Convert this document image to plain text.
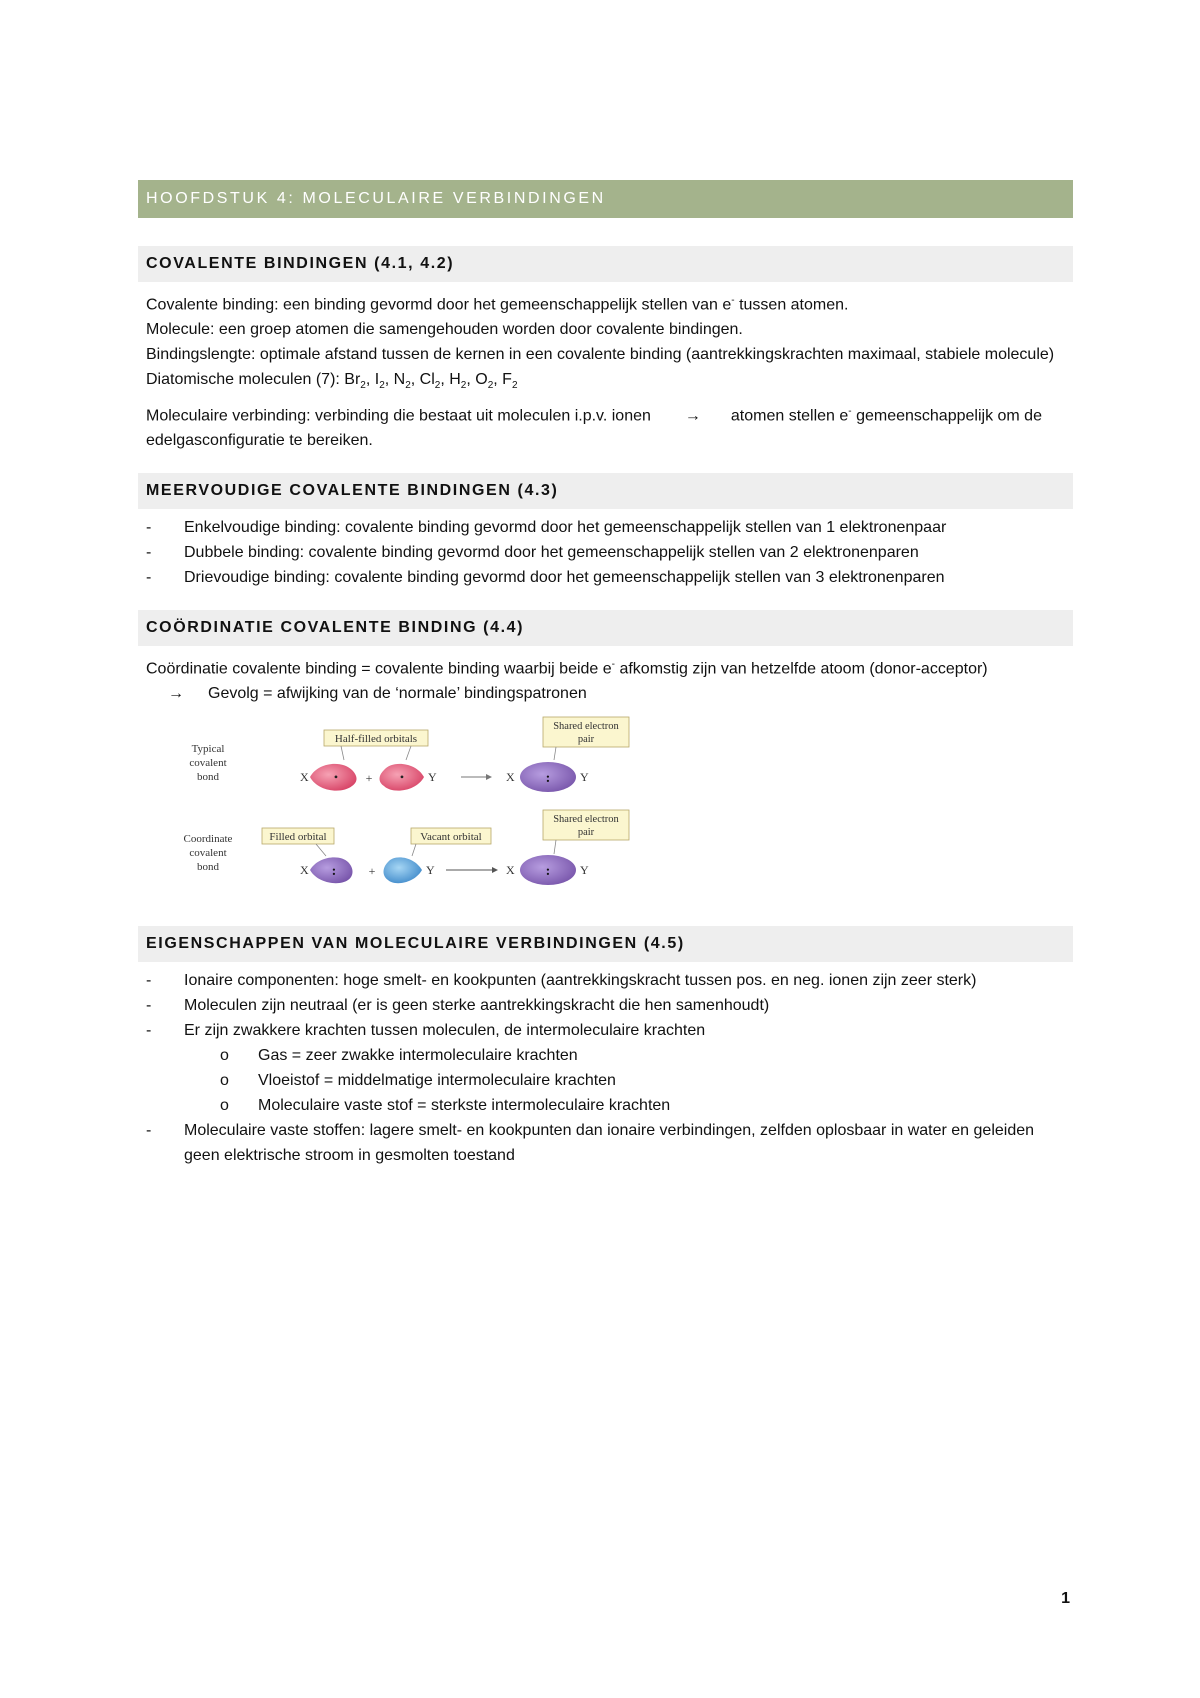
HOOFDSTUK 4: MOLECULAIRE VERBINDINGEN
COVALENTE BINDINGEN (4.1, 4.2)

Covalente binding: een binding gevormd door het gemeenschappelijk stellen van e- tussen atomen.

Molecule: een groep atomen die samengehouden worden door covalente bindingen.

Bindingslengte: optimale afstand tussen de kernen in een covalente binding (aantrekkingskrachten maximaal, stabiele molecule)

Diatomische moleculen (7): $Br_2$, $I_2$, $N_2$, $Cl_2$, $H_2$, $O_2$, $F_2$

Moleculaire verbinding: verbinding die bestaat uit moleculen i.p.v. ionen → atomen stellen e- gemeenschappelijk om de edelgasconfiguratie te bereiken.

MEERVOUDIGE COVALENTE BINDINGEN (4.3)
- Enkelvoudige binding: covalente binding gevormd door het gemeenschappelijk stellen van 1 elektronenpaar
- Dubbele binding: covalente binding gevormd door het gemeenschappelijk stellen van 2 elektronenparen
- Drievoudige binding: covalente binding gevormd door het gemeenschappelijk stellen van 3 elektronenparen
COÖRDINATIE COVALENTE BINDING (4.4)

Coördinatie covalente binding = covalente binding waarbij beide e- afkomstig zijn van hetzelfde atoom (donor-acceptor)

→ Gevolg = afwijking van de ‘normale’ bindingspatronen

Typical
covalent
bond
Half-filled orbitals
X • + • Y
Shared electron
pair
X : Y
Coordinate
covalent
bond
Filled orbital	Vacant orbital
X :	+	Y
Shared electron
pair
X : Y
EIGENSCHAPPEN VAN MOLECULAIRE VERBINDINGEN (4.5)
- Ionaire componenten: hoge smelt- en kookpunten (aantrekkingskracht tussen pos. en neg. ionen zijn zeer sterk)
- Moleculen zijn neutraal (er is geen sterke aantrekkingskracht die hen samenhoudt)
- Er zijn zwakkere krachten tussen moleculen, de intermoleculaire krachten
o Gas = zeer zwakke intermoleculaire krachten
o Vloeistof = middelmatige intermoleculaire krachten
o Moleculaire vaste stof = sterkste intermoleculaire krachten
- Moleculaire vaste stoffen: lagere smelt- en kookpunten dan ionaire verbindingen, zelfden oplosbaar in water en geleiden geen elektrische stroom in gesmolten toestand
1
